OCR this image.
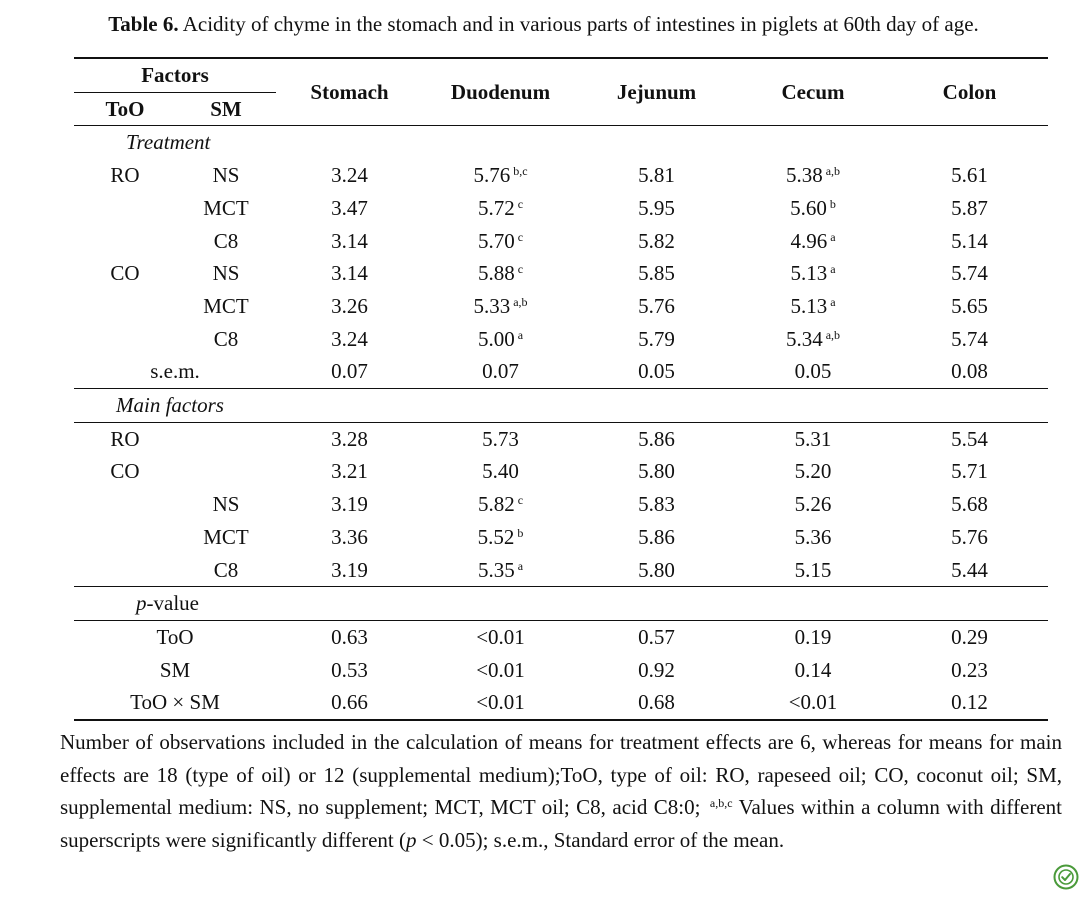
Table 6. Acidity of chyme in the stomach and in various parts of intestines in piglets at 60th day of age.
Factors		Stomach	Duodenum	Jejunum	Cecum	Colon
ToO	SM					
Treatment						
RO	NS	3.24	5.76 $^{b,c}$	5.81	5.38 $^{a,b}$	5.61
	MCT	3.47	5.72 $^c$	5.95	5.60 $^b$	5.87
	C8	3.14	5.70 $^c$	5.82	4.96 $^a$	5.14
CO	NS	3.14	5.88 $^c$	5.85	5.13 $^a$	5.74
	MCT	3.26	5.33 $^{a,b}$	5.76	5.13 $^a$	5.65
	C8	3.24	5.00 $^a$	5.79	5.34 $^{a,b}$	5.74
s.e.m.		0.07	0.07	0.05	0.05	0.08
Main factors						
RO		3.28	5.73	5.86	5.31	5.54
CO		3.21	5.40	5.80	5.20	5.71
	NS	3.19	5.82 $^c$	5.83	5.26	5.68
	MCT	3.36	5.52 $^b$	5.86	5.36	5.76
	C8	3.19	5.35 $^a$	5.80	5.15	5.44
p-value						
ToO		0.63	<0.01	0.57	0.19	0.29
SM		0.53	<0.01	0.92	0.14	0.23
ToO × SM		0.66	<0.01	0.68	<0.01	0.12

Number of observations included in the calculation of means for treatment effects are 6, whereas for means for main effects are 18 (type of oil) or 12 (supplemental medium);ToO, type of oil: RO, rapeseed oil; CO, coconut oil; SM, supplemental medium: NS, no supplement; MCT, MCT oil; C8, acid C8:0; $^{a,b,c}$ Values within a column with different superscripts were significantly different (p < 0.05); s.e.m., Standard error of the mean.
